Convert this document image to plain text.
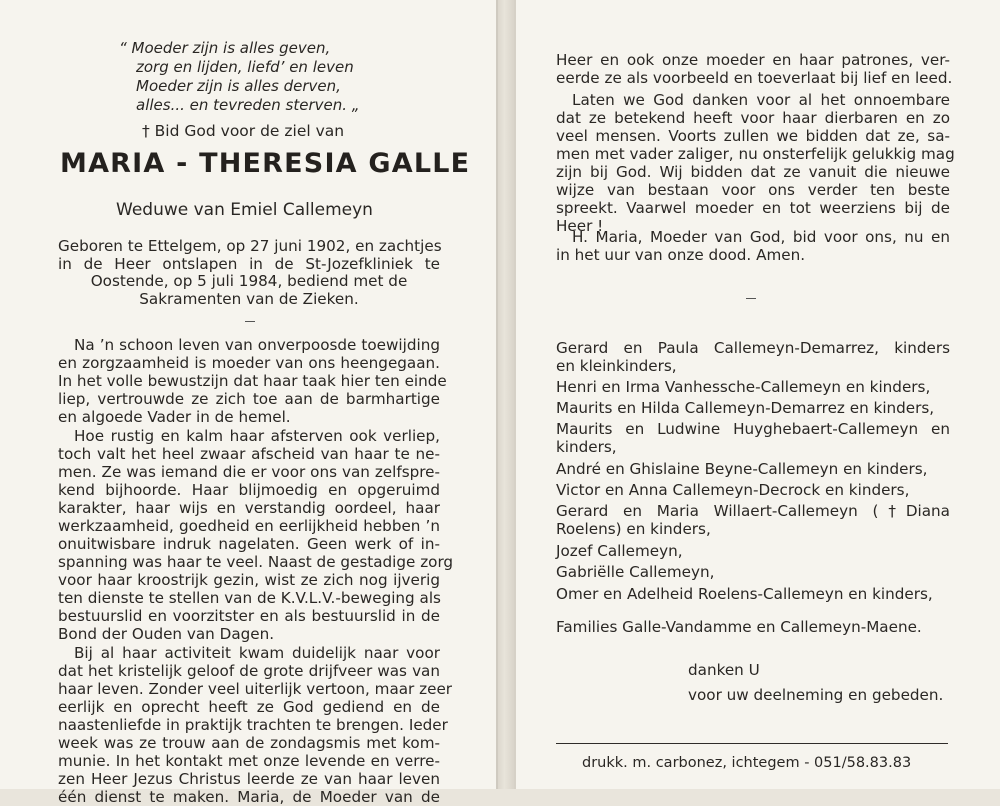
“ Moeder zijn is alles geven,
zorg en lijden, liefd’ en leven
Moeder zijn is alles derven,
alles... en tevreden sterven. „
† Bid God voor de ziel van
MARIA - THERESIA GALLE
Weduwe van Emiel Callemeyn
Geboren te Ettelgem, op 27 juni 1902, en zachtjes
in de Heer ontslapen in de St-Jozefkliniek te
Oostende, op 5 juli 1984, bediend met de
Sakramenten van de Zieken.
Na ’n schoon leven van onverpoosde toewijding
en zorgzaamheid is moeder van ons heengegaan.
In het volle bewustzijn dat haar taak hier ten einde
liep, vertrouwde ze zich toe aan de barmhartige
en algoede Vader in de hemel.
Hoe rustig en kalm haar afsterven ook verliep,
toch valt het heel zwaar afscheid van haar te ne-
men. Ze was iemand die er voor ons van zelfspre-
kend bijhoorde. Haar blijmoedig en opgeruimd
karakter, haar wijs en verstandig oordeel, haar
werkzaamheid, goedheid en eerlijkheid hebben ’n
onuitwisbare indruk nagelaten. Geen werk of in-
spanning was haar te veel. Naast de gestadige zorg
voor haar kroostrijk gezin, wist ze zich nog ijverig
ten dienste te stellen van de K.V.L.V.-beweging als
bestuurslid en voorzitster en als bestuurslid in de
Bond der Ouden van Dagen.
Bij al haar activiteit kwam duidelijk naar voor
dat het kristelijk geloof de grote drijfveer was van
haar leven. Zonder veel uiterlijk vertoon, maar zeer
eerlijk en oprecht heeft ze God gediend en de
naastenliefde in praktijk trachten te brengen. Ieder
week was ze trouw aan de zondagsmis met kom-
munie. In het kontakt met onze levende en verre-
zen Heer Jezus Christus leerde ze van haar leven
één dienst te maken. Maria, de Moeder van de
Heer en ook onze moeder en haar patrones, ver-
eerde ze als voorbeeld en toeverlaat bij lief en leed.
Laten we God danken voor al het onnoembare
dat ze betekend heeft voor haar dierbaren en zo
veel mensen. Voorts zullen we bidden dat ze, sa-
men met vader zaliger, nu onsterfelijk gelukkig mag
zijn bij God. Wij bidden dat ze vanuit die nieuwe
wijze van bestaan voor ons verder ten beste
spreekt. Vaarwel moeder en tot weerziens bij de
Heer !
H. Maria, Moeder van God, bid voor ons, nu en
in het uur van onze dood. Amen.
Gerard en Paula Callemeyn-Demarrez, kinders
en kleinkinders,
Henri en Irma Vanhessche-Callemeyn en kinders,
Maurits en Hilda Callemeyn-Demarrez en kinders,
Maurits en Ludwine Huyghebaert-Callemeyn en
kinders,
André en Ghislaine Beyne-Callemeyn en kinders,
Victor en Anna Callemeyn-Decrock en kinders,
Gerard en Maria Willaert-Callemeyn (†Diana
Roelens) en kinders,
Jozef Callemeyn,
Gabriëlle Callemeyn,
Omer en Adelheid Roelens-Callemeyn en kinders,
Families Galle-Vandamme en Callemeyn-Maene.
danken U
voor uw deelneming en gebeden.
drukk. m. carbonez, ichtegem - 051/58.83.83
